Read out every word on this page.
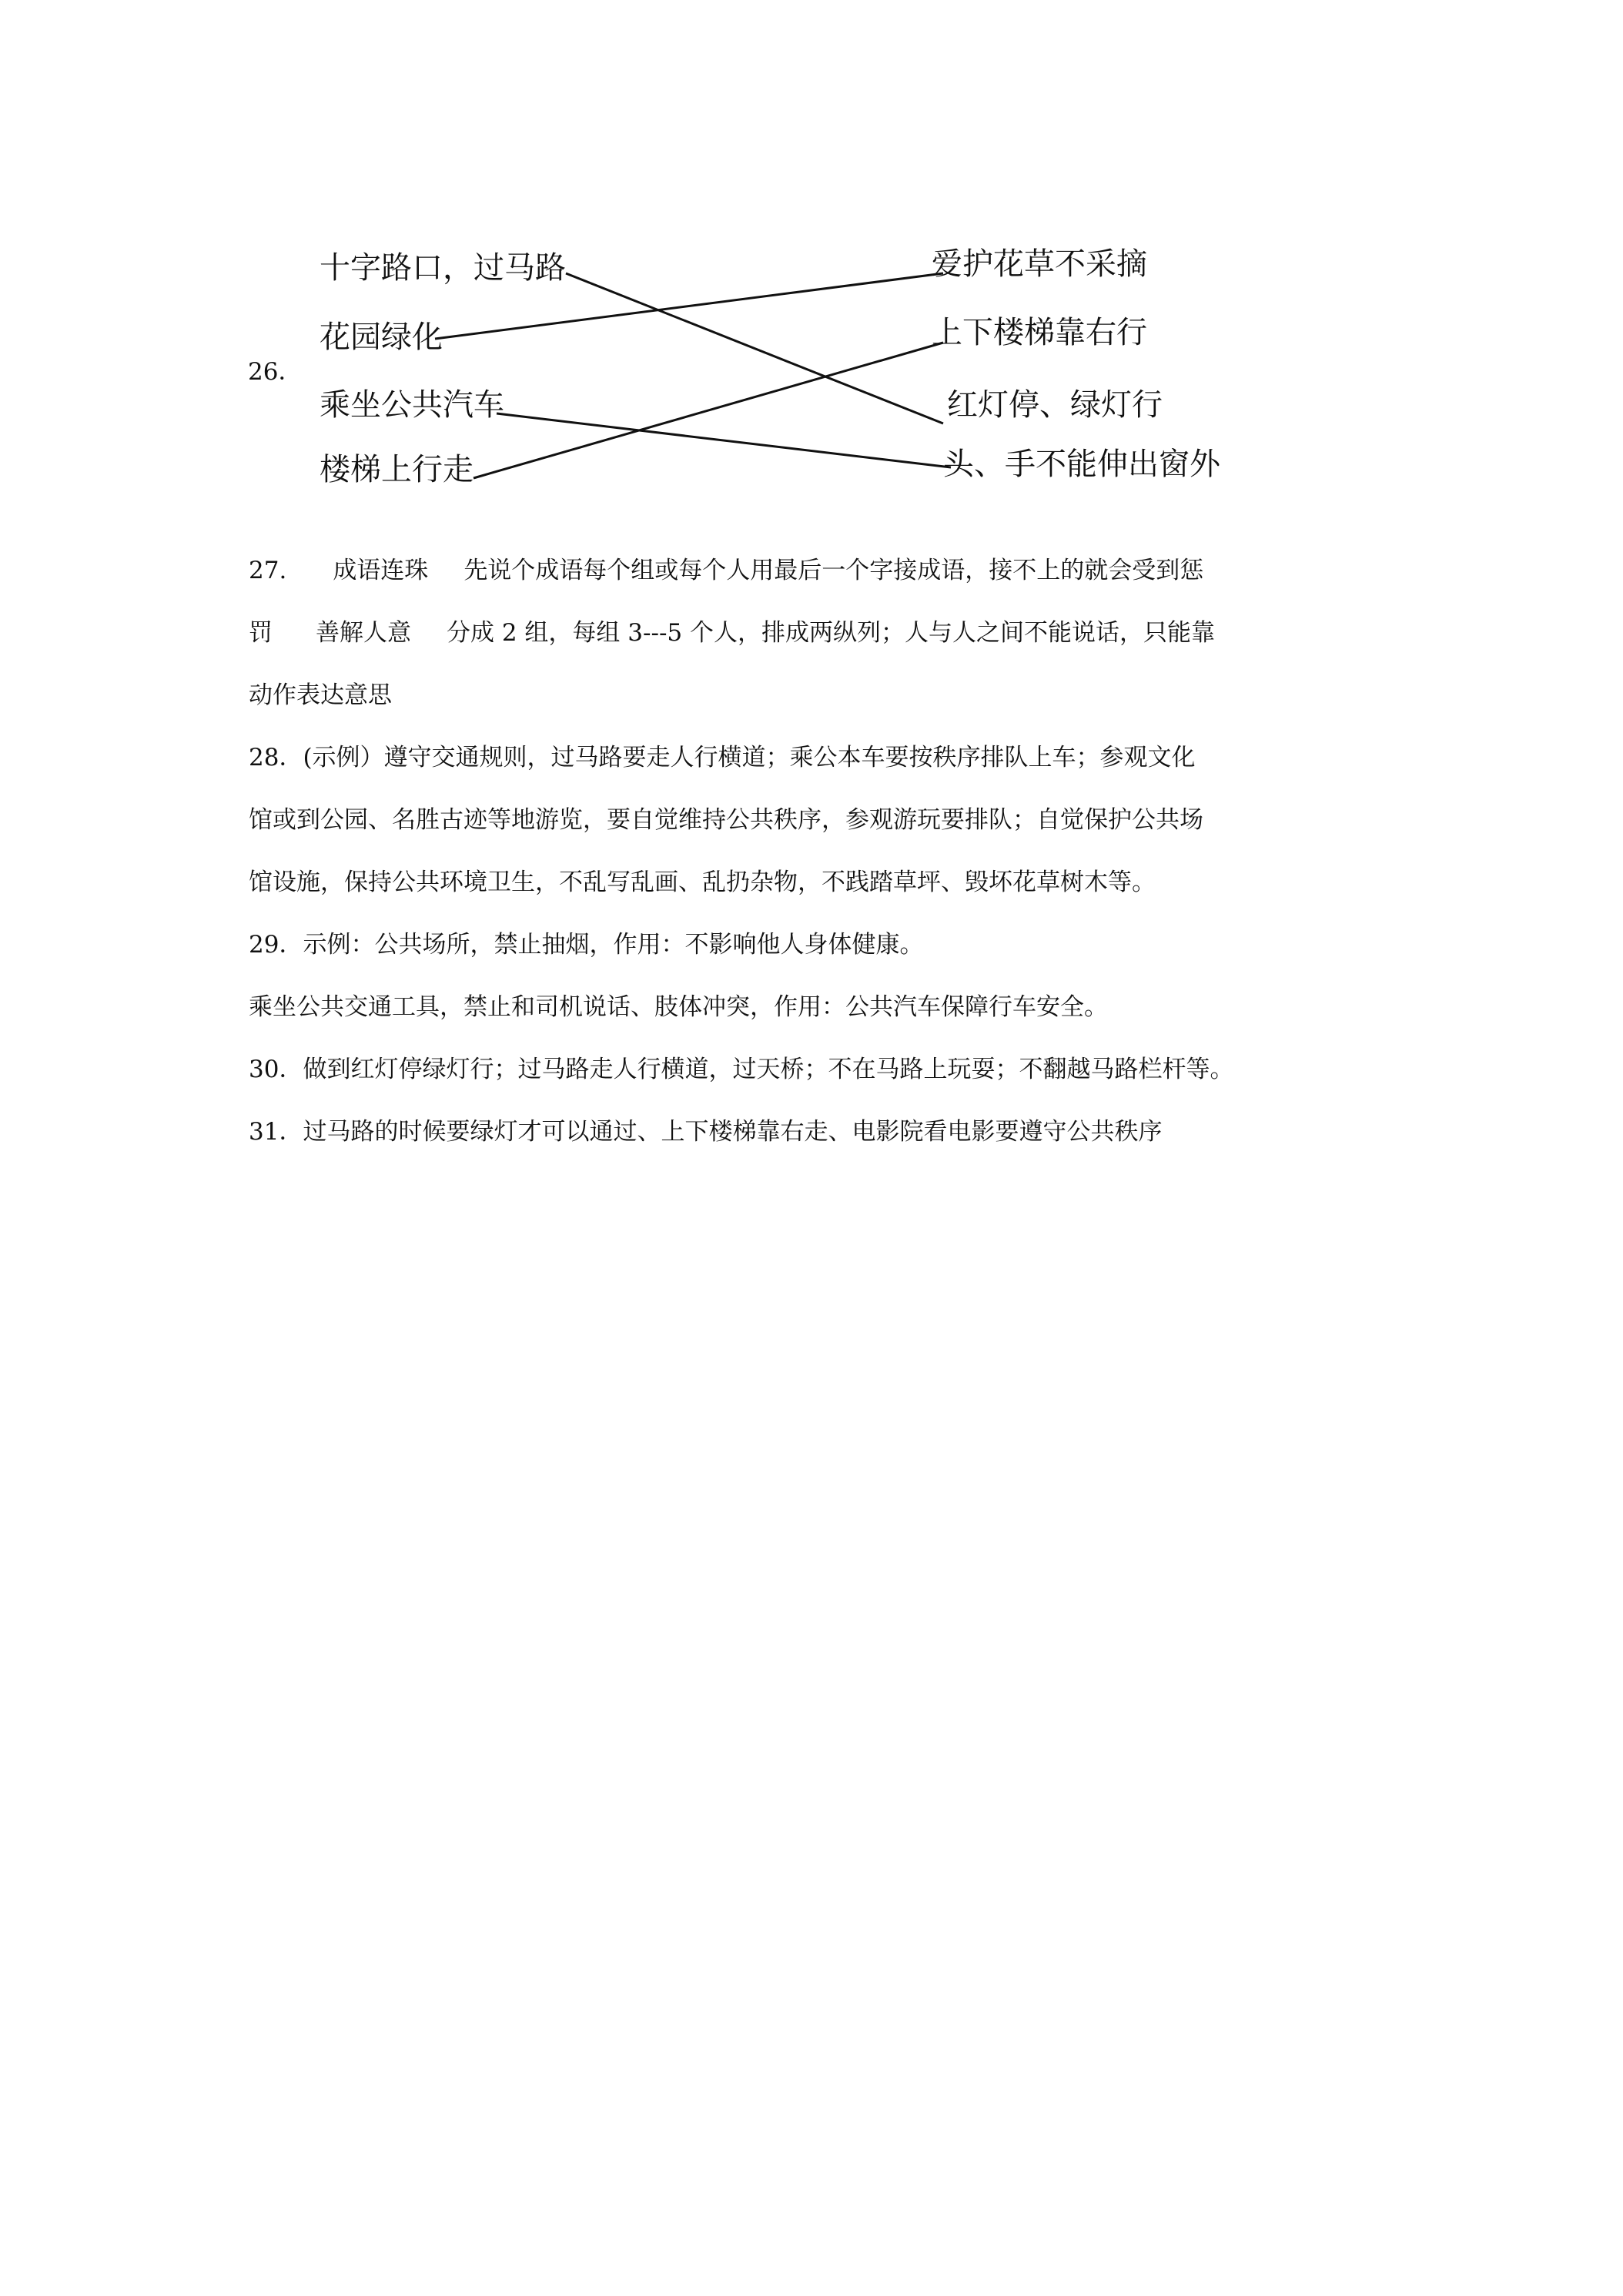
26．
十字路口，过马路
花园绿化
乘坐公共汽车
楼梯上行走
爱护花草不采摘
上下楼梯靠右行
红灯停、绿灯行
头、手不能伸出窗外
27. 成语连珠 先说个成语每个组或每个人用最后一个字接成语，接不上的就会受到惩
罚 善解人意 分成 2 组，每组 3---5 个人，排成两纵列；人与人之间不能说话，只能靠
动作表达意思
28．(示例）遵守交通规则，过马路要走人行横道；乘公本车要按秩序排队上车；参观文化
馆或到公园、名胜古迹等地游览，要自觉维持公共秩序，参观游玩要排队；自觉保护公共场
馆设施，保持公共环境卫生，不乱写乱画、乱扔杂物，不践踏草坪、毁坏花草树木等。
29．示例：公共场所，禁止抽烟，作用：不影响他人身体健康。
乘坐公共交通工具，禁止和司机说话、肢体冲突，作用：公共汽车保障行车安全。
30．做到红灯停绿灯行；过马路走人行横道，过天桥；不在马路上玩耍；不翻越马路栏杆等。
31．过马路的时候要绿灯才可以通过、上下楼梯靠右走、电影院看电影要遵守公共秩序
